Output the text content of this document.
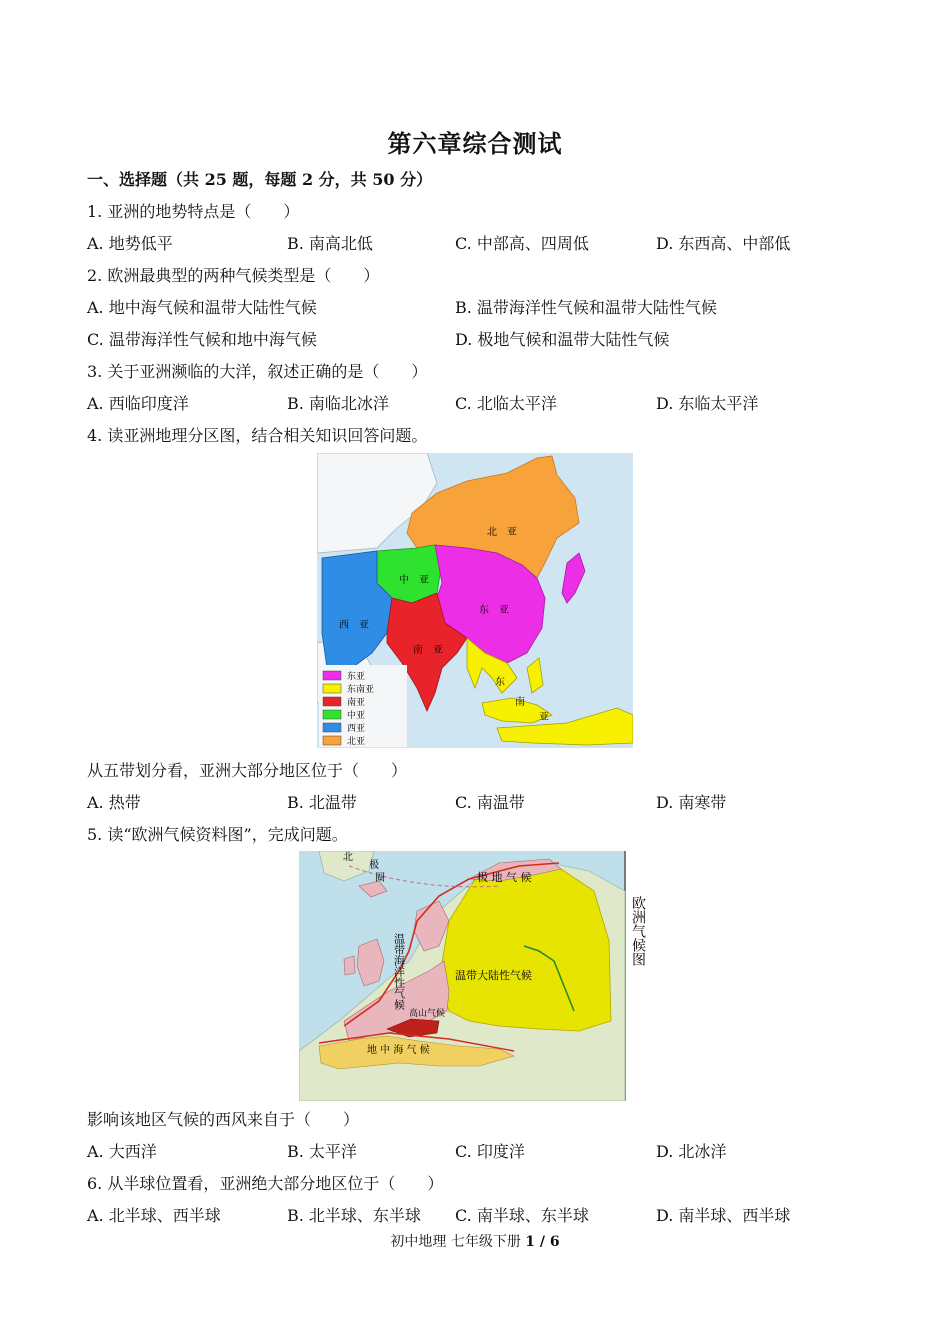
第六章综合测试
一、选择题（共 25 题，每题 2 分，共 50 分）
1. 亚洲的地势特点是（　　）
A. 地势低平	B. 南高北低	C. 中部高、四周低	D. 东西高、中部低
2. 欧洲最典型的两种气候类型是（　　）
A. 地中海气候和温带大陆性气候	B. 温带海洋性气候和温带大陆性气候
C. 温带海洋性气候和地中海气候	D. 极地气候和温带大陆性气候
3. 关于亚洲濒临的大洋，叙述正确的是（　　）
A. 西临印度洋	B. 南临北冰洋	C. 北临太平洋	D. 东临太平洋
4. 读亚洲地理分区图，结合相关知识回答问题。
北　亚
中　亚
东　亚
西　亚
南　亚
东
南
亚
东亚
东南亚
南亚
中亚
西亚
北亚
从五带划分看，亚洲大部分地区位于（　　）
A. 热带	B. 北温带	C. 南温带	D. 南寒带
5. 读“欧洲气候资料图”，完成问题。
欧洲气候图
北
极
圈	极 地 气 候
温带海洋性气候	温带大陆性气候
高山气候
地 中 海 气 候
影响该地区气候的西风来自于（　　）
A. 大西洋	B. 太平洋	C. 印度洋	D. 北冰洋
6. 从半球位置看，亚洲绝大部分地区位于（　　）
A. 北半球、西半球	B. 北半球、东半球 C. 南半球、东半球	D. 南半球、西半球
初中地理 七年级下册 1 / 6
